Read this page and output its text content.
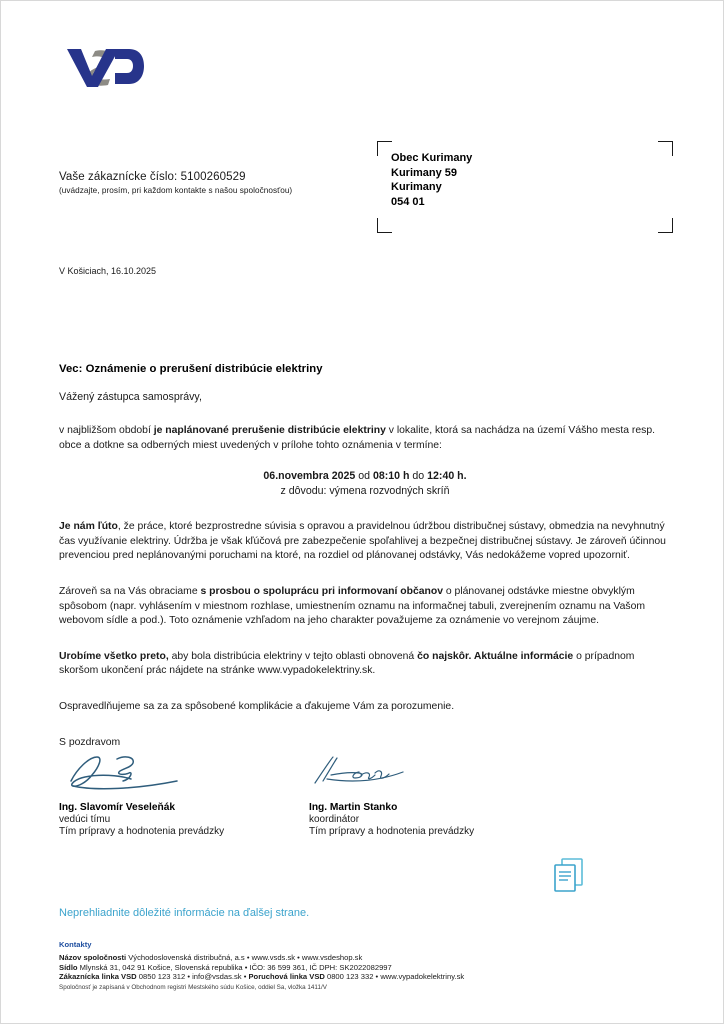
Vaše zákaznícke číslo: 5100260529
(uvádzajte, prosím, pri každom kontakte s našou spoločnosťou)
Obec Kurimany
Kurimany 59
Kurimany
054 01
V Košiciach, 16.10.2025
Vec: Oznámenie o prerušení distribúcie elektriny
Vážený zástupca samosprávy,
v najbližšom období je naplánované prerušenie distribúcie elektriny v lokalite, ktorá sa nachádza na území Vášho mesta resp. obce a dotkne sa odberných miest uvedených v prílohe tohto oznámenia v termíne:
06.novembra 2025 od 08:10 h do 12:40 h.
z dôvodu: výmena rozvodných skríň
Je nám ľúto, že práce, ktoré bezprostredne súvisia s opravou a pravidelnou údržbou distribučnej sústavy, obmedzia na nevyhnutný čas využívanie elektriny. Údržba je však kľúčová pre zabezpečenie spoľahlivej a bezpečnej distribučnej sústavy. Je zároveň účinnou prevenciou pred neplánovanými poruchami na ktoré, na rozdiel od plánovanej odstávky, Vás nedokážeme vopred upozorniť.
Zároveň sa na Vás obraciame s prosbou o spoluprácu pri informovaní občanov o plánovanej odstávke miestne obvyklým spôsobom (napr. vyhlásením v miestnom rozhlase, umiestnením oznamu na informačnej tabuli, zverejnením oznamu na Vašom webovom sídle a pod.). Toto oznámenie vzhľadom na jeho charakter považujeme za oznámenie vo verejnom záujme.
Urobíme všetko preto, aby bola distribúcia elektriny v tejto oblasti obnovená čo najskôr. Aktuálne informácie o prípadnom skoršom ukončení prác nájdete na stránke www.vypadokelektriny.sk.
Ospravedlňujeme sa za za spôsobené komplikácie a ďakujeme Vám za porozumenie.
S pozdravom
Ing. Slavomír Veseleňák
vedúci tímu
Tím prípravy a hodnotenia prevádzky
Ing. Martin Stanko
koordinátor
Tím prípravy a hodnotenia prevádzky
Neprehliadnite dôležité informácie na ďalšej strane.
Kontakty
Názov spoločnosti Východoslovenská distribučná, a.s • www.vsds.sk • www.vsdeshop.sk
Sídlo Mlynská 31, 042 91 Košice, Slovenská republika • IČO: 36 599 361, IČ DPH: SK2022082997
Zákaznícka linka VSD 0850 123 312 • info@vsdas.sk • Poruchová linka VSD 0800 123 332 • www.vypadokelektriny.sk
Spoločnosť je zapísaná v Obchodnom registri Mestského súdu Košice, oddiel Sa, vložka 1411/V
